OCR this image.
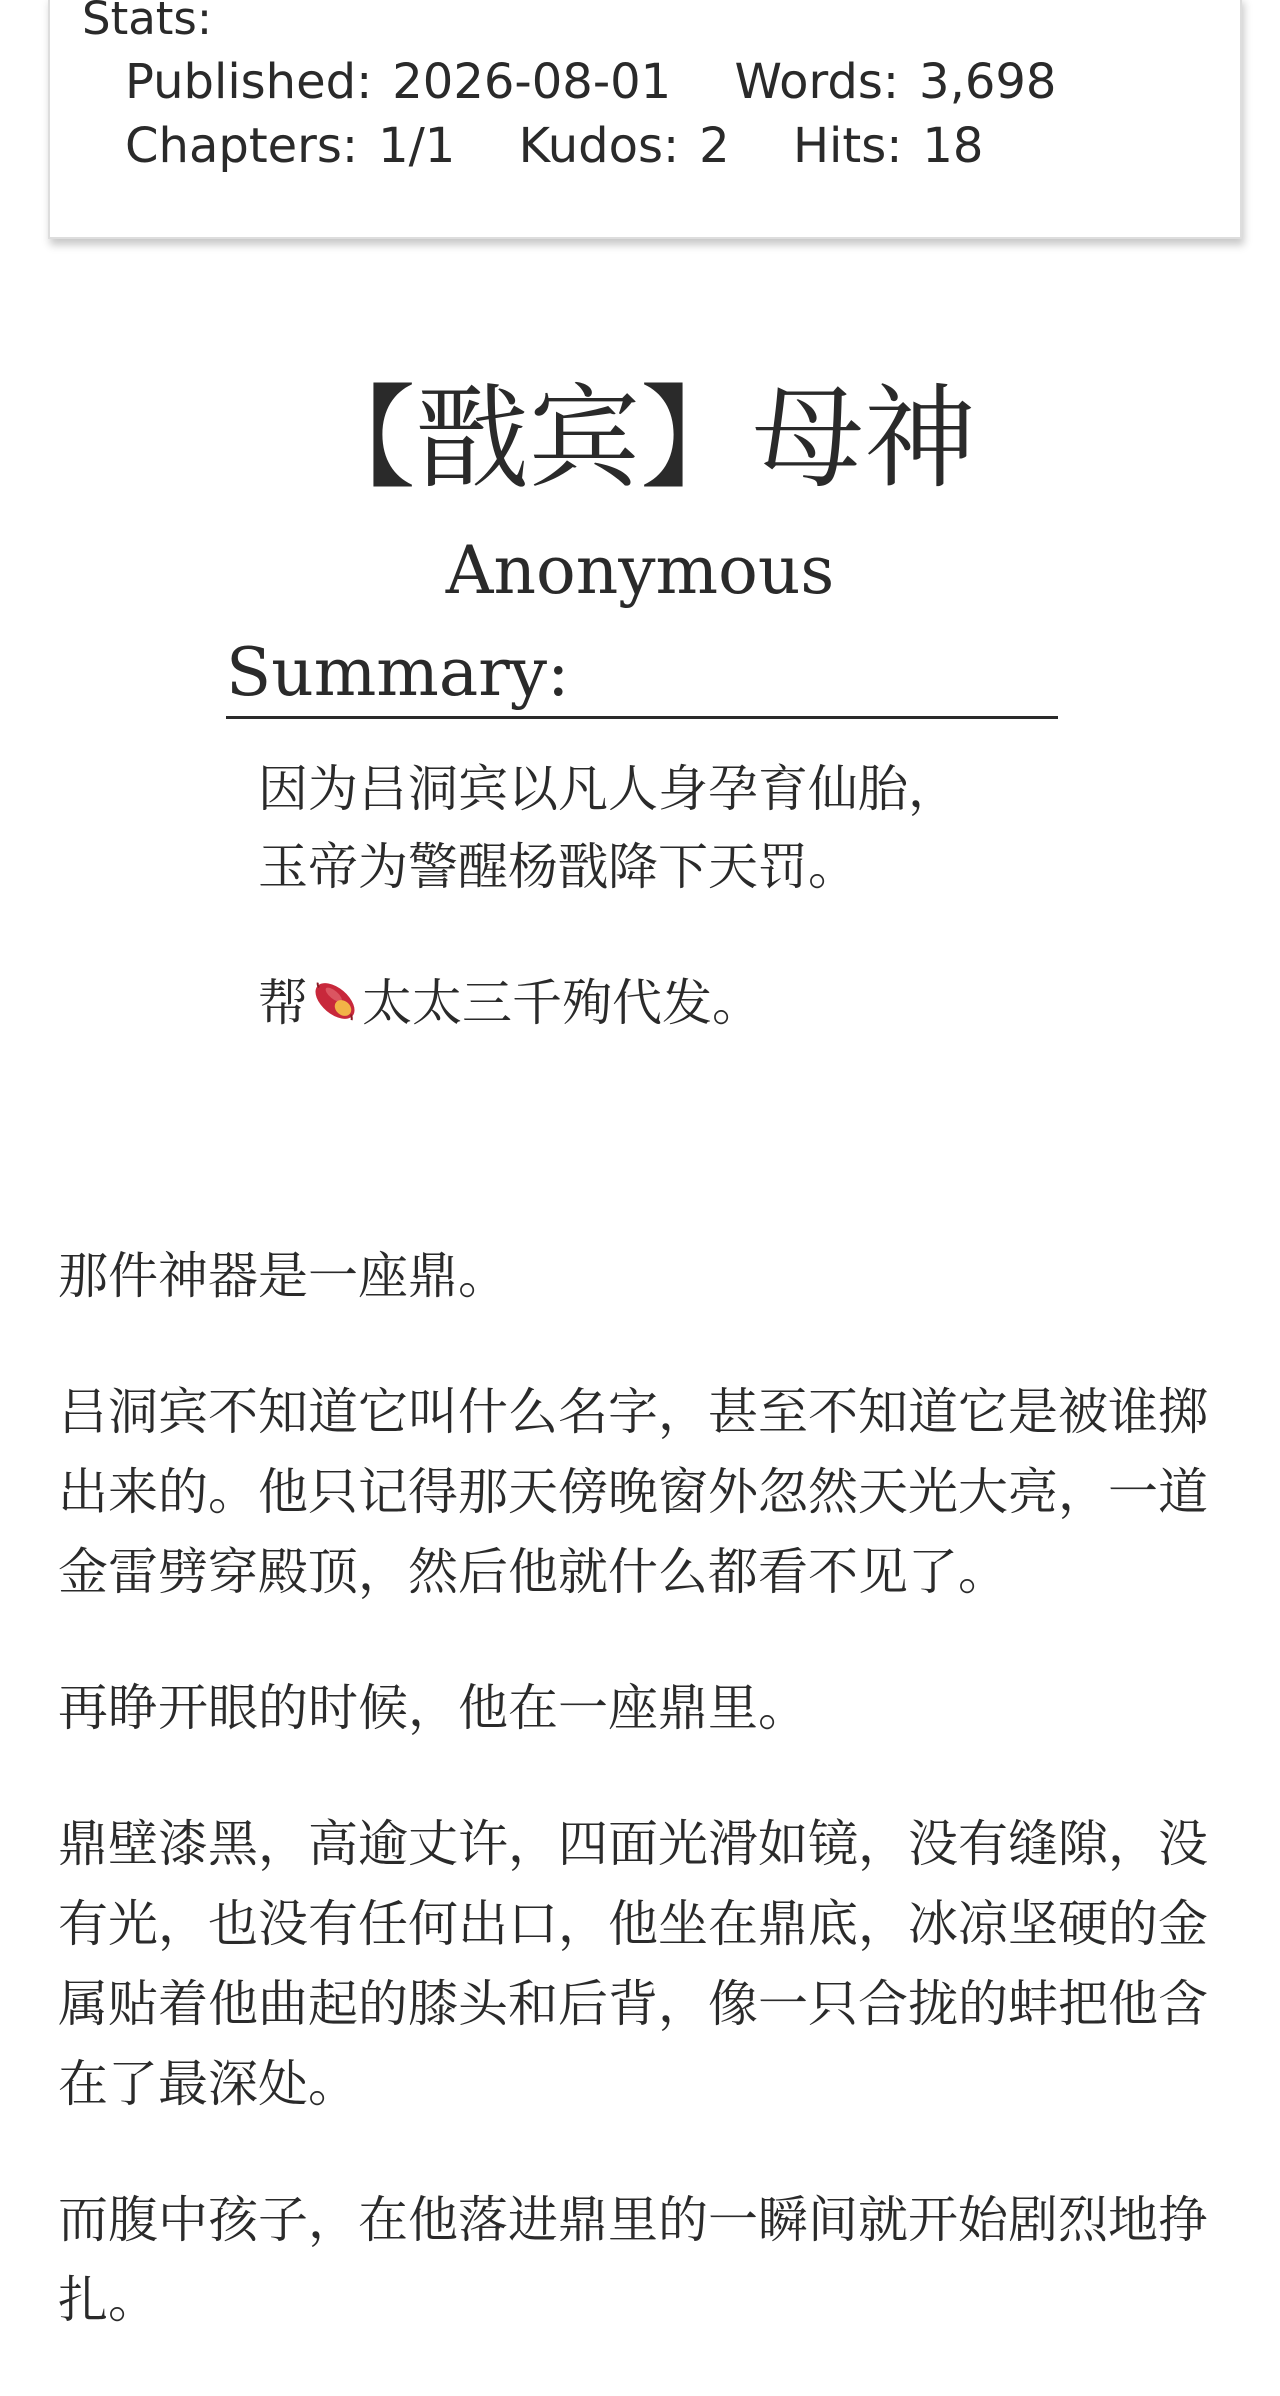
Stats:
Published: 2026-08-01 Words: 3,698
Chapters: 1/1 Kudos: 2 Hits: 18
【戬宾】母神
Anonymous
Summary:

因为吕洞宾以凡人身孕育仙胎，
玉帝为警醒杨戬降下天罚。

帮 太太三千殉代发。

那件神器是一座鼎。

吕洞宾不知道它叫什么名字，甚至不知道它是被谁掷出来的。他只记得那天傍晚窗外忽然天光大亮，一道金雷劈穿殿顶，然后他就什么都看不见了。

再睁开眼的时候，他在一座鼎里。

鼎壁漆黑，高逾丈许，四面光滑如镜，没有缝隙，没有光，也没有任何出口，他坐在鼎底，冰凉坚硬的金属贴着他曲起的膝头和后背，像一只合拢的蚌把他含在了最深处。

而腹中孩子，在他落进鼎里的一瞬间就开始剧烈地挣扎。
